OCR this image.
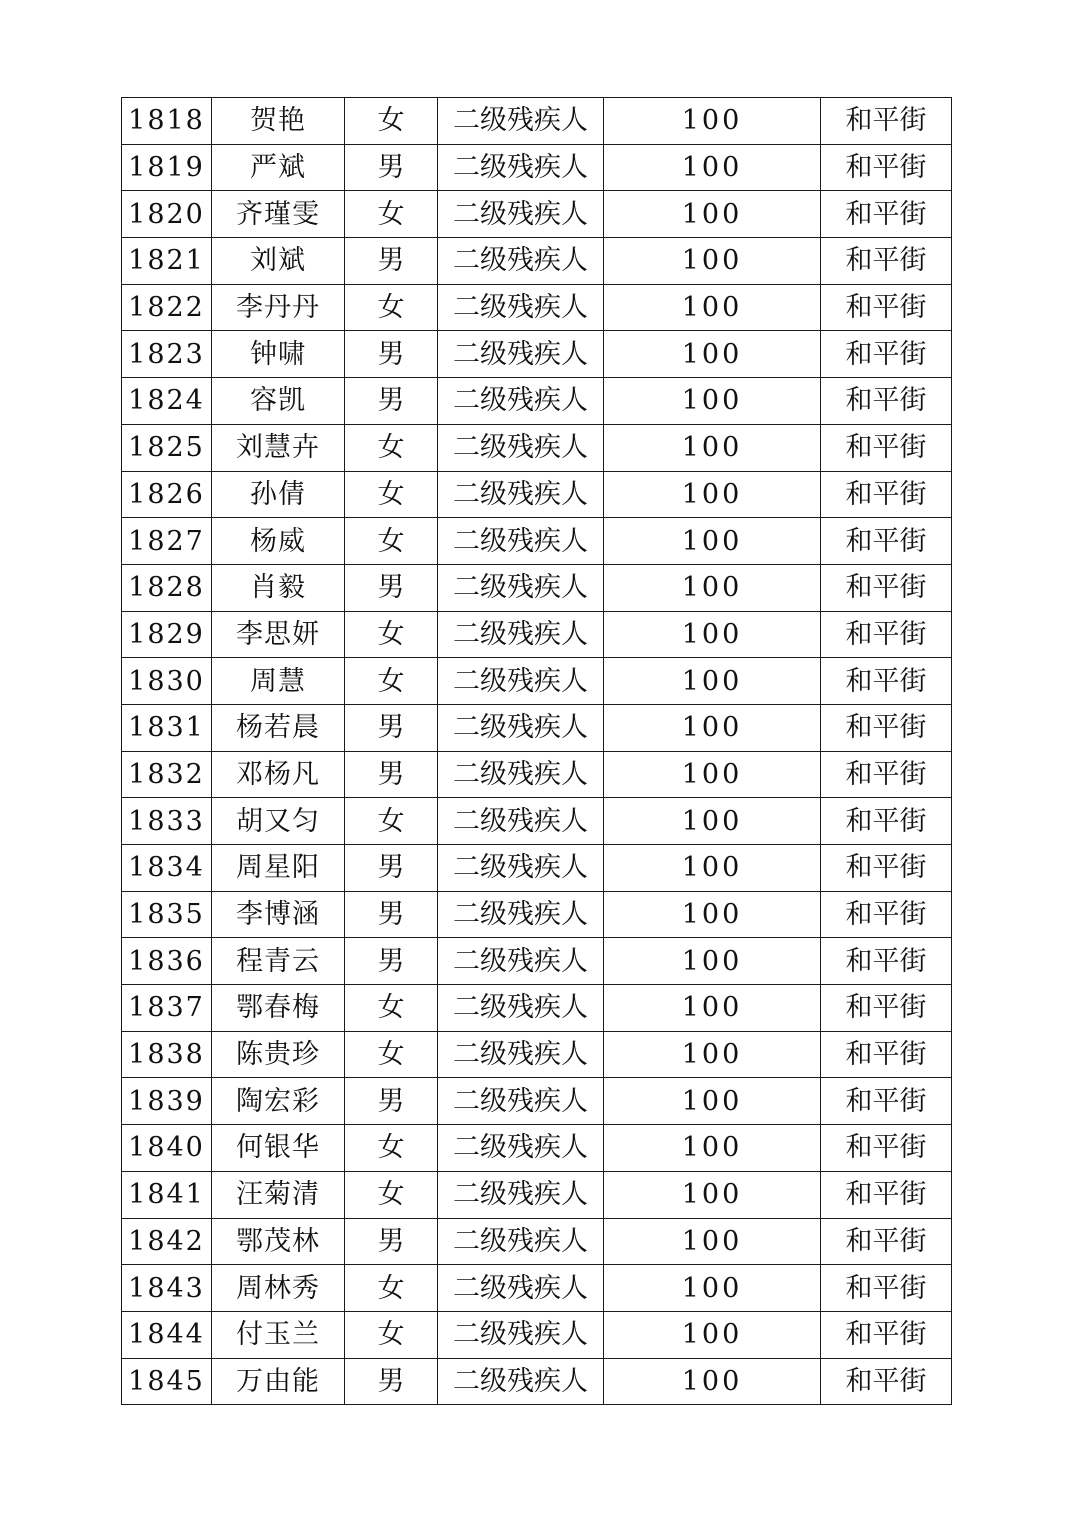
1818	贺艳	女	二级残疾人	100	和平街
1819	严斌	男	二级残疾人	100	和平街
1820	齐瑾雯	女	二级残疾人	100	和平街
1821	刘斌	男	二级残疾人	100	和平街
1822	李丹丹	女	二级残疾人	100	和平街
1823	钟啸	男	二级残疾人	100	和平街
1824	容凯	男	二级残疾人	100	和平街
1825	刘慧卉	女	二级残疾人	100	和平街
1826	孙倩	女	二级残疾人	100	和平街
1827	杨威	女	二级残疾人	100	和平街
1828	肖毅	男	二级残疾人	100	和平街
1829	李思妍	女	二级残疾人	100	和平街
1830	周慧	女	二级残疾人	100	和平街
1831	杨若晨	男	二级残疾人	100	和平街
1832	邓杨凡	男	二级残疾人	100	和平街
1833	胡又匀	女	二级残疾人	100	和平街
1834	周星阳	男	二级残疾人	100	和平街
1835	李博涵	男	二级残疾人	100	和平街
1836	程青云	男	二级残疾人	100	和平街
1837	鄂春梅	女	二级残疾人	100	和平街
1838	陈贵珍	女	二级残疾人	100	和平街
1839	陶宏彩	男	二级残疾人	100	和平街
1840	何银华	女	二级残疾人	100	和平街
1841	汪菊清	女	二级残疾人	100	和平街
1842	鄂茂林	男	二级残疾人	100	和平街
1843	周林秀	女	二级残疾人	100	和平街
1844	付玉兰	女	二级残疾人	100	和平街
1845	万由能	男	二级残疾人	100	和平街
